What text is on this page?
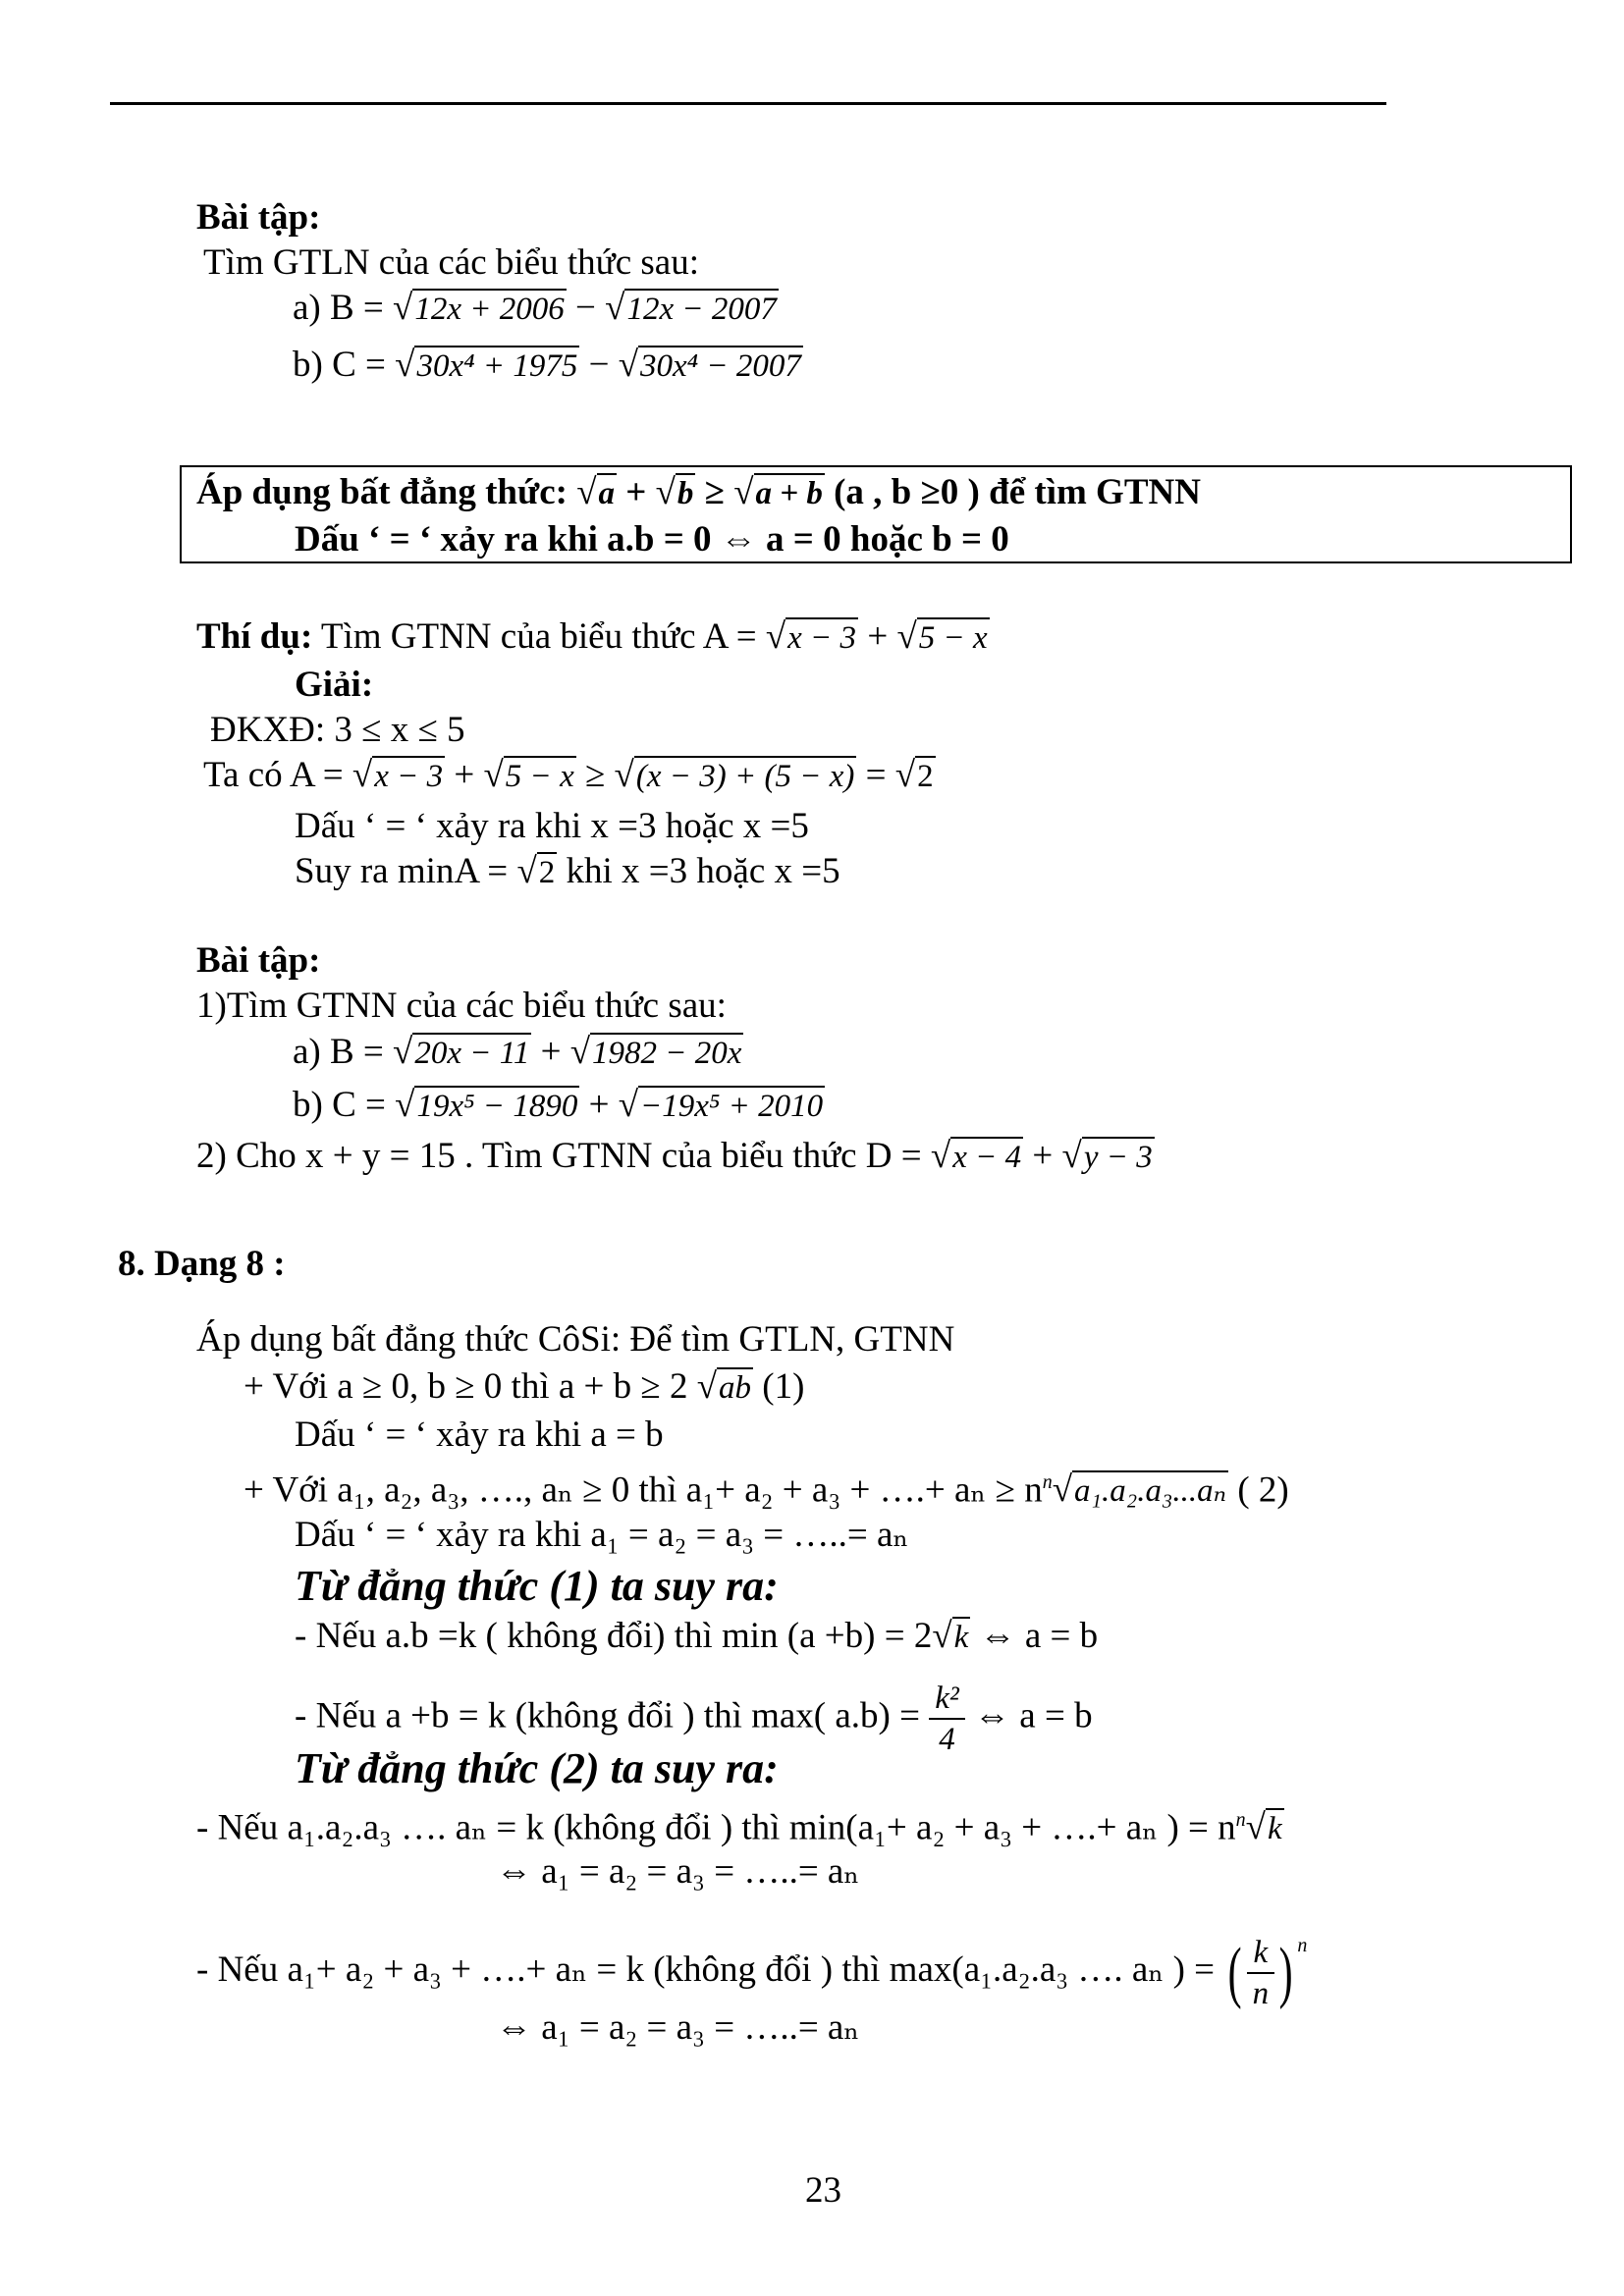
Bài tập:
Tìm GTLN của các biểu thức sau:
a) B = √12x + 2006 − √12x − 2007
b) C = √30x⁴ + 1975 − √30x⁴ − 2007
Áp dụng bất đẳng thức: √a + √b ≥ √a + b (a , b ≥0 ) để tìm GTNN
Dấu ‘ = ‘ xảy ra khi a.b = 0 ⇔ a = 0 hoặc b = 0
Thí dụ: Tìm GTNN của biểu thức A = √x − 3 + √5 − x
Giải:
ĐKXĐ: 3 ≤ x ≤ 5
Ta có A = √x − 3 + √5 − x ≥ √(x − 3) + (5 − x) = √2
Dấu ‘ = ‘ xảy ra khi x =3 hoặc x =5
Suy ra minA = √2 khi x =3 hoặc x =5
Bài tập:
1)Tìm GTNN của các biểu thức sau:
a) B = √20x − 11 + √1982 − 20x
b) C = √19x⁵ − 1890 + √−19x⁵ + 2010
2) Cho x + y = 15 . Tìm GTNN của biểu thức D = √x − 4 + √y − 3
8. Dạng 8 :
Áp dụng bất đẳng thức CôSi: Để tìm GTLN, GTNN
+ Với a ≥ 0, b ≥ 0 thì a + b ≥ 2 √ab (1)
Dấu ‘ = ‘ xảy ra khi a = b
+ Với a₁, a₂, a₃, …., aₙ ≥ 0 thì a₁+ a₂ + a₃ + ….+ $a_n \ge n^n√a_1.a_2.a_3...a_n$ ( 2)
Dấu ‘ = ‘ xảy ra khi a₁ = a₂ = a₃ = …..= aₙ
Từ đẳng thức (1) ta suy ra:
- Nếu a.b =k ( không đổi) thì min (a +b) = 2√k ⇔ a = b
- Nếu a +b = k (không đổi ) thì max( $a.b) = \frac{\text{k²}}{4}$ ⇔ a = b
Từ đẳng thức (2) ta suy ra:
- Nếu a₁.a₂.a₃ …. aₙ = k (không đổi ) thì min(a₁+ a₂ + a₃ + ….+ aₙ ) = $n^n√k$
⇔ a₁ = a₂ = a₃ = …..= aₙ
- Nếu a₁+ a₂ + a₃ + ….+ aₙ = k (không đổi ) thì max(a₁.a₂.a₃ …. aₙ ) = ( $\frac{k}{n}$ ) $^n$
⇔ a₁ = a₂ = a₃ = …..= aₙ
23
